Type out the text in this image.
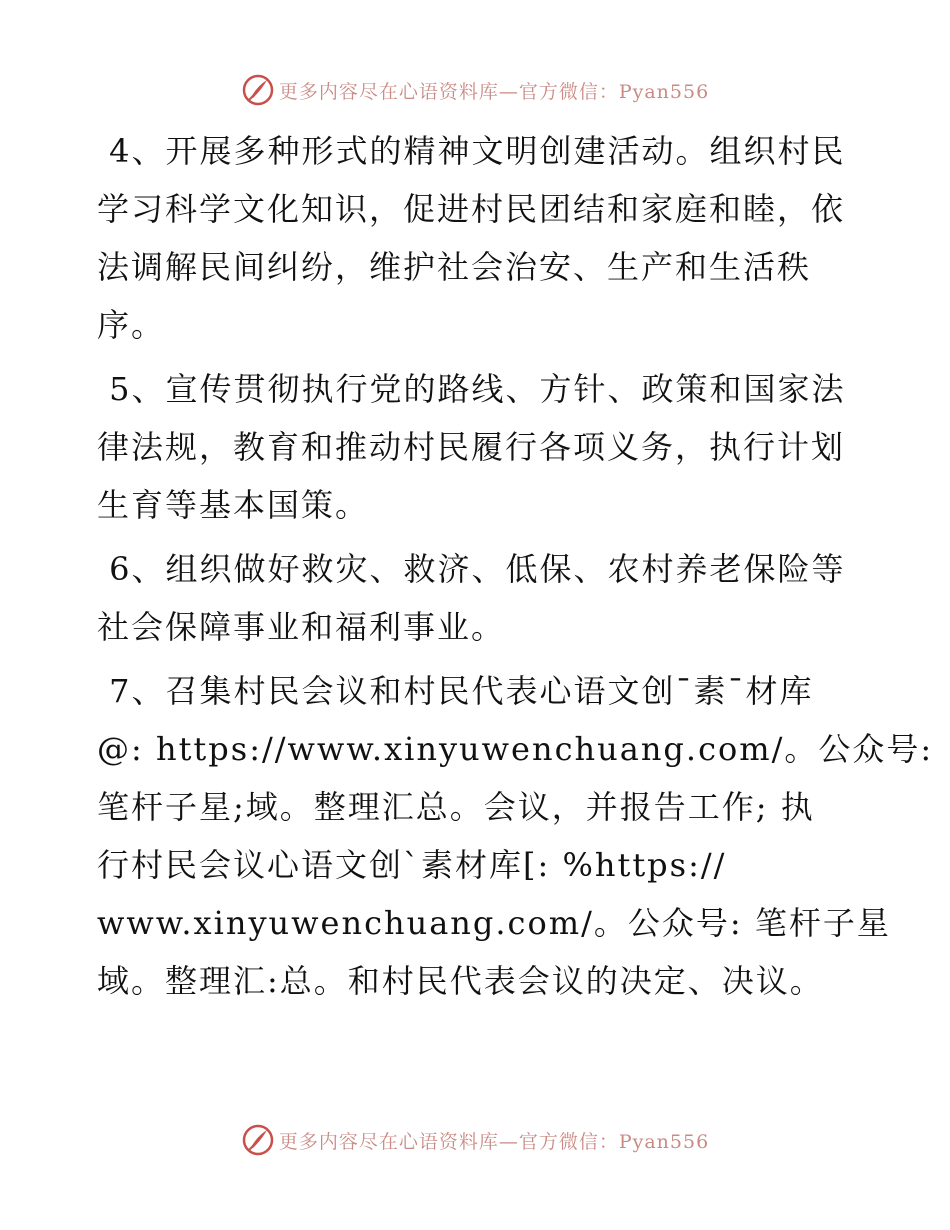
更多内容尽在心语资料库—官方微信：Pyan556

4、开展多种形式的精神文明创建活动。组织村民
学习科学文化知识，促进村民团结和家庭和睦，依
法调解民间纠纷，维护社会治安、生产和生活秩
序。

5、宣传贯彻执行党的路线、方针、政策和国家法
律法规，教育和推动村民履行各项义务，执行计划
生育等基本国策。

6、组织做好救灾、救济、低保、农村养老保险等
社会保障事业和福利事业。

7、召集村民会议和村民代表心语文创¯素¯材库
@: https://www.xinyuwenchuang.com/。公众号:
笔杆子星;域。整理汇总。会议，并报告工作; 执
行村民会议心语文创`素材库[: %https://
www.xinyuwenchuang.com/。公众号: 笔杆子星
域。整理汇:总。和村民代表会议的决定、决议。

更多内容尽在心语资料库—官方微信：Pyan556
